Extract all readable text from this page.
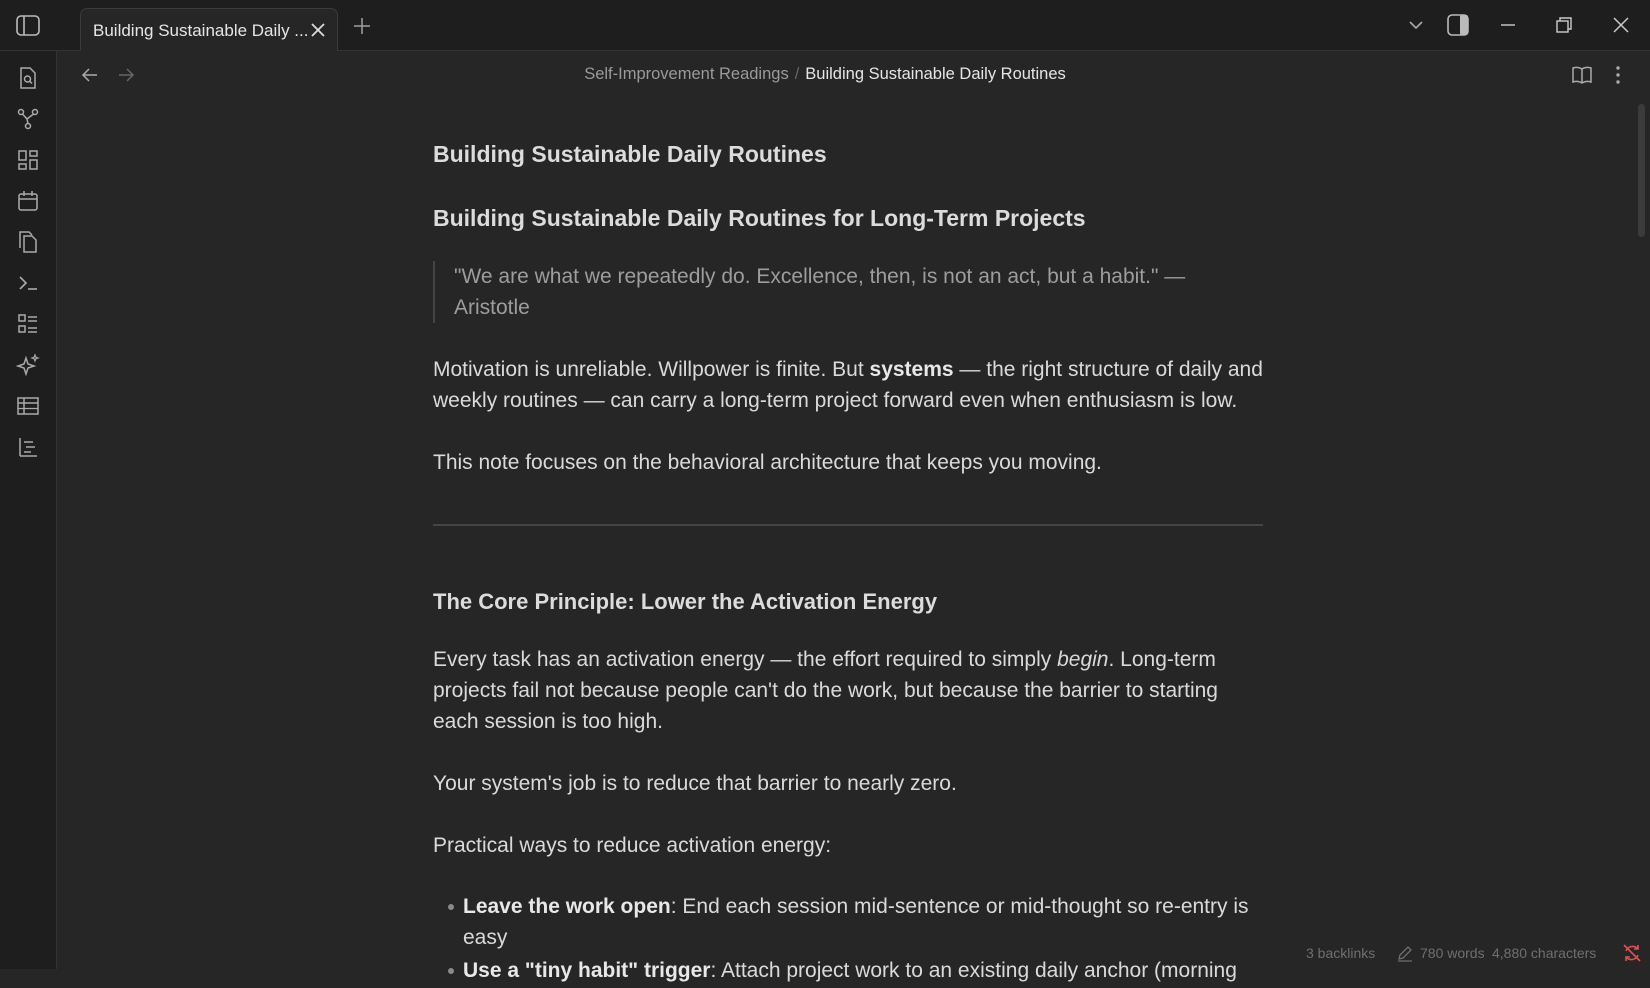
Building Sustainable Daily ...
Self-Improvement Readings / Building Sustainable Daily Routines
Building Sustainable Daily Routines
Building Sustainable Daily Routines for Long-Term Projects
"We are what we repeatedly do. Excellence, then, is not an act, but a habit." — Aristotle

Motivation is unreliable. Willpower is finite. But systems — the right structure of daily and weekly routines — can carry a long-term project forward even when enthusiasm is low.

This note focuses on the behavioral architecture that keeps you moving.

The Core Principle: Lower the Activation Energy

Every task has an activation energy — the effort required to simply begin. Long-term projects fail not because people can't do the work, but because the barrier to starting each session is too high.

Your system's job is to reduce that barrier to nearly zero.

Practical ways to reduce activation energy:

Leave the work open: End each session mid-sentence or mid-thought so re-entry is easy
Use a "tiny habit" trigger: Attach project work to an existing daily anchor (morning
3 backlinks	780 words 4,880 characters
